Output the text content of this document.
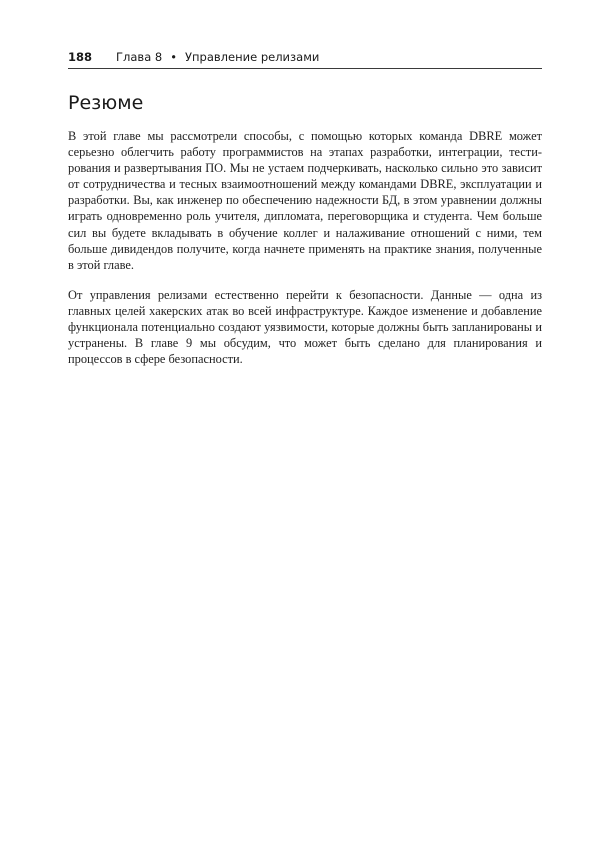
188 Глава 8 • Управление релизами
Резюме

В этой главе мы рассмотрели способы, с помощью которых команда DBRE может серьезно облегчить работу программистов на этапах разработки, интеграции, тестирования и развертывания ПО. Мы не устаем подчеркивать, насколько сильно это зависит от сотрудничества и тесных взаимоотношений между командами DBRE, эксплуатации и разработки. Вы, как инженер по обеспечению надежности БД, в этом уравнении должны играть одновременно роль учителя, дипломата, переговорщика и студента. Чем больше сил вы будете вкладывать в обучение коллег и налаживание отношений с ними, тем больше дивидендов получите, когда начнете применять на практике знания, полученные в этой главе.

От управления релизами естественно перейти к безопасности. Данные — одна из главных целей хакерских атак во всей инфраструктуре. Каждое изменение и добавление функционала потенциально создают уязвимости, которые должны быть запланированы и устранены. В главе 9 мы обсудим, что может быть сделано для планирования и процессов в сфере безопасности.
